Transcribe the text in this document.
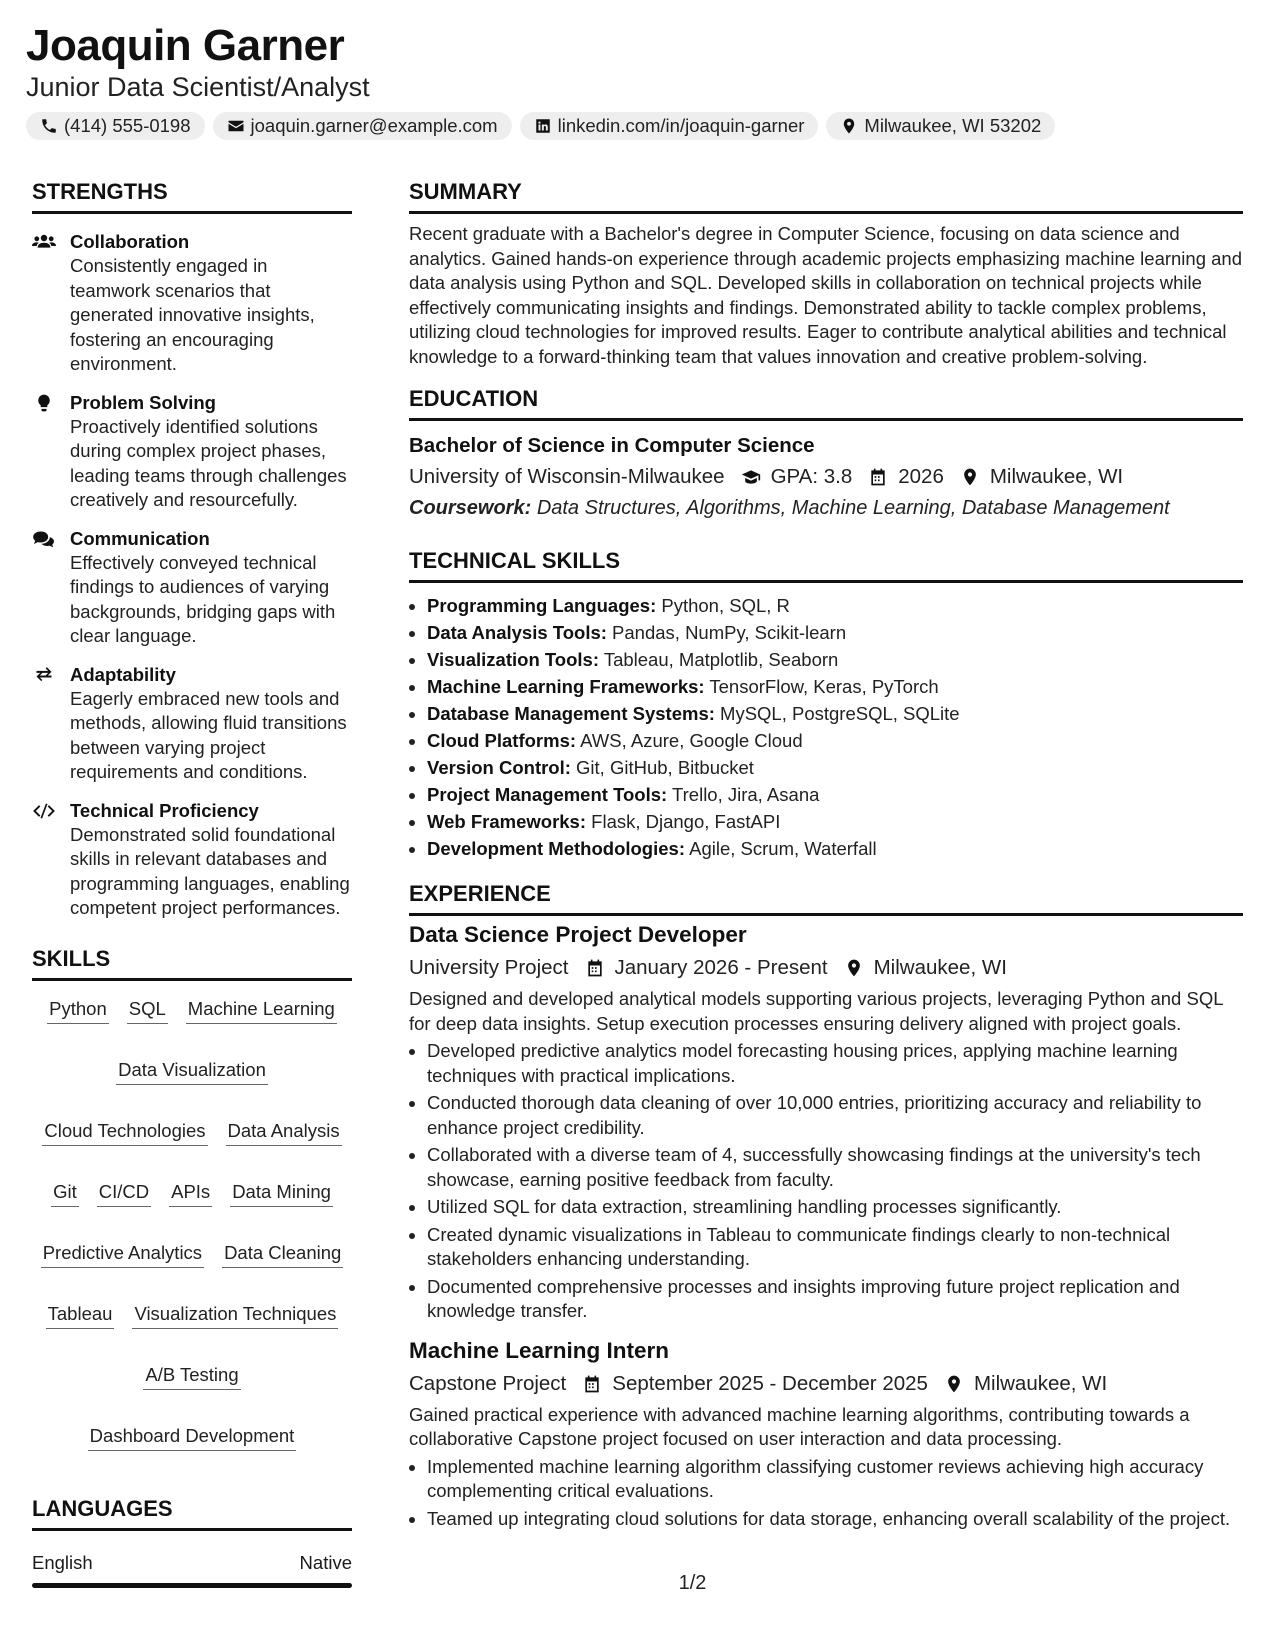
Joaquin Garner
Junior Data Scientist/Analyst
(414) 555-0198	joaquin.garner@example.com	linkedin.com/in/joaquin-garner	Milwaukee, WI 53202
STRENGTHS
Collaboration
Consistently engaged in teamwork scenarios that generated innovative insights, fostering an encouraging environment.
Problem Solving
Proactively identified solutions during complex project phases, leading teams through challenges creatively and resourcefully.
Communication
Effectively conveyed technical findings to audiences of varying backgrounds, bridging gaps with clear language.
Adaptability
Eagerly embraced new tools and methods, allowing fluid transitions between varying project requirements and conditions.
Technical Proficiency
Demonstrated solid foundational skills in relevant databases and programming languages, enabling competent project performances.
SKILLS
Python SQL Machine Learning
Data Visualization
Cloud Technologies Data Analysis
Git CI/CD APIs Data Mining
Predictive Analytics Data Cleaning
Tableau Visualization Techniques
A/B Testing
Dashboard Development
LANGUAGES
English	Native
SUMMARY
Recent graduate with a Bachelor's degree in Computer Science, focusing on data science and analytics. Gained hands-on experience through academic projects emphasizing machine learning and data analysis using Python and SQL. Developed skills in collaboration on technical projects while effectively communicating insights and findings. Demonstrated ability to tackle complex problems, utilizing cloud technologies for improved results. Eager to contribute analytical abilities and technical knowledge to a forward-thinking team that values innovation and creative problem-solving.
EDUCATION
Bachelor of Science in Computer Science
University of Wisconsin-Milwaukee GPA: 3.8 2026 Milwaukee, WI
Coursework: Data Structures, Algorithms, Machine Learning, Database Management
TECHNICAL SKILLS
• Programming Languages: Python, SQL, R
• Data Analysis Tools: Pandas, NumPy, Scikit-learn
• Visualization Tools: Tableau, Matplotlib, Seaborn
• Machine Learning Frameworks: TensorFlow, Keras, PyTorch
• Database Management Systems: MySQL, PostgreSQL, SQLite
• Cloud Platforms: AWS, Azure, Google Cloud
• Version Control: Git, GitHub, Bitbucket
• Project Management Tools: Trello, Jira, Asana
• Web Frameworks: Flask, Django, FastAPI
• Development Methodologies: Agile, Scrum, Waterfall
EXPERIENCE
Data Science Project Developer
University Project January 2026 - Present Milwaukee, WI
Designed and developed analytical models supporting various projects, leveraging Python and SQL for deep data insights. Setup execution processes ensuring delivery aligned with project goals.
• Developed predictive analytics model forecasting housing prices, applying machine learning techniques with practical implications.
• Conducted thorough data cleaning of over 10,000 entries, prioritizing accuracy and reliability to enhance project credibility.
• Collaborated with a diverse team of 4, successfully showcasing findings at the university's tech showcase, earning positive feedback from faculty.
• Utilized SQL for data extraction, streamlining handling processes significantly.
• Created dynamic visualizations in Tableau to communicate findings clearly to non-technical stakeholders enhancing understanding.
• Documented comprehensive processes and insights improving future project replication and knowledge transfer.
Machine Learning Intern
Capstone Project September 2025 - December 2025 Milwaukee, WI
Gained practical experience with advanced machine learning algorithms, contributing towards a collaborative Capstone project focused on user interaction and data processing.
• Implemented machine learning algorithm classifying customer reviews achieving high accuracy complementing critical evaluations.
• Teamed up integrating cloud solutions for data storage, enhancing overall scalability of the project.
1/2
